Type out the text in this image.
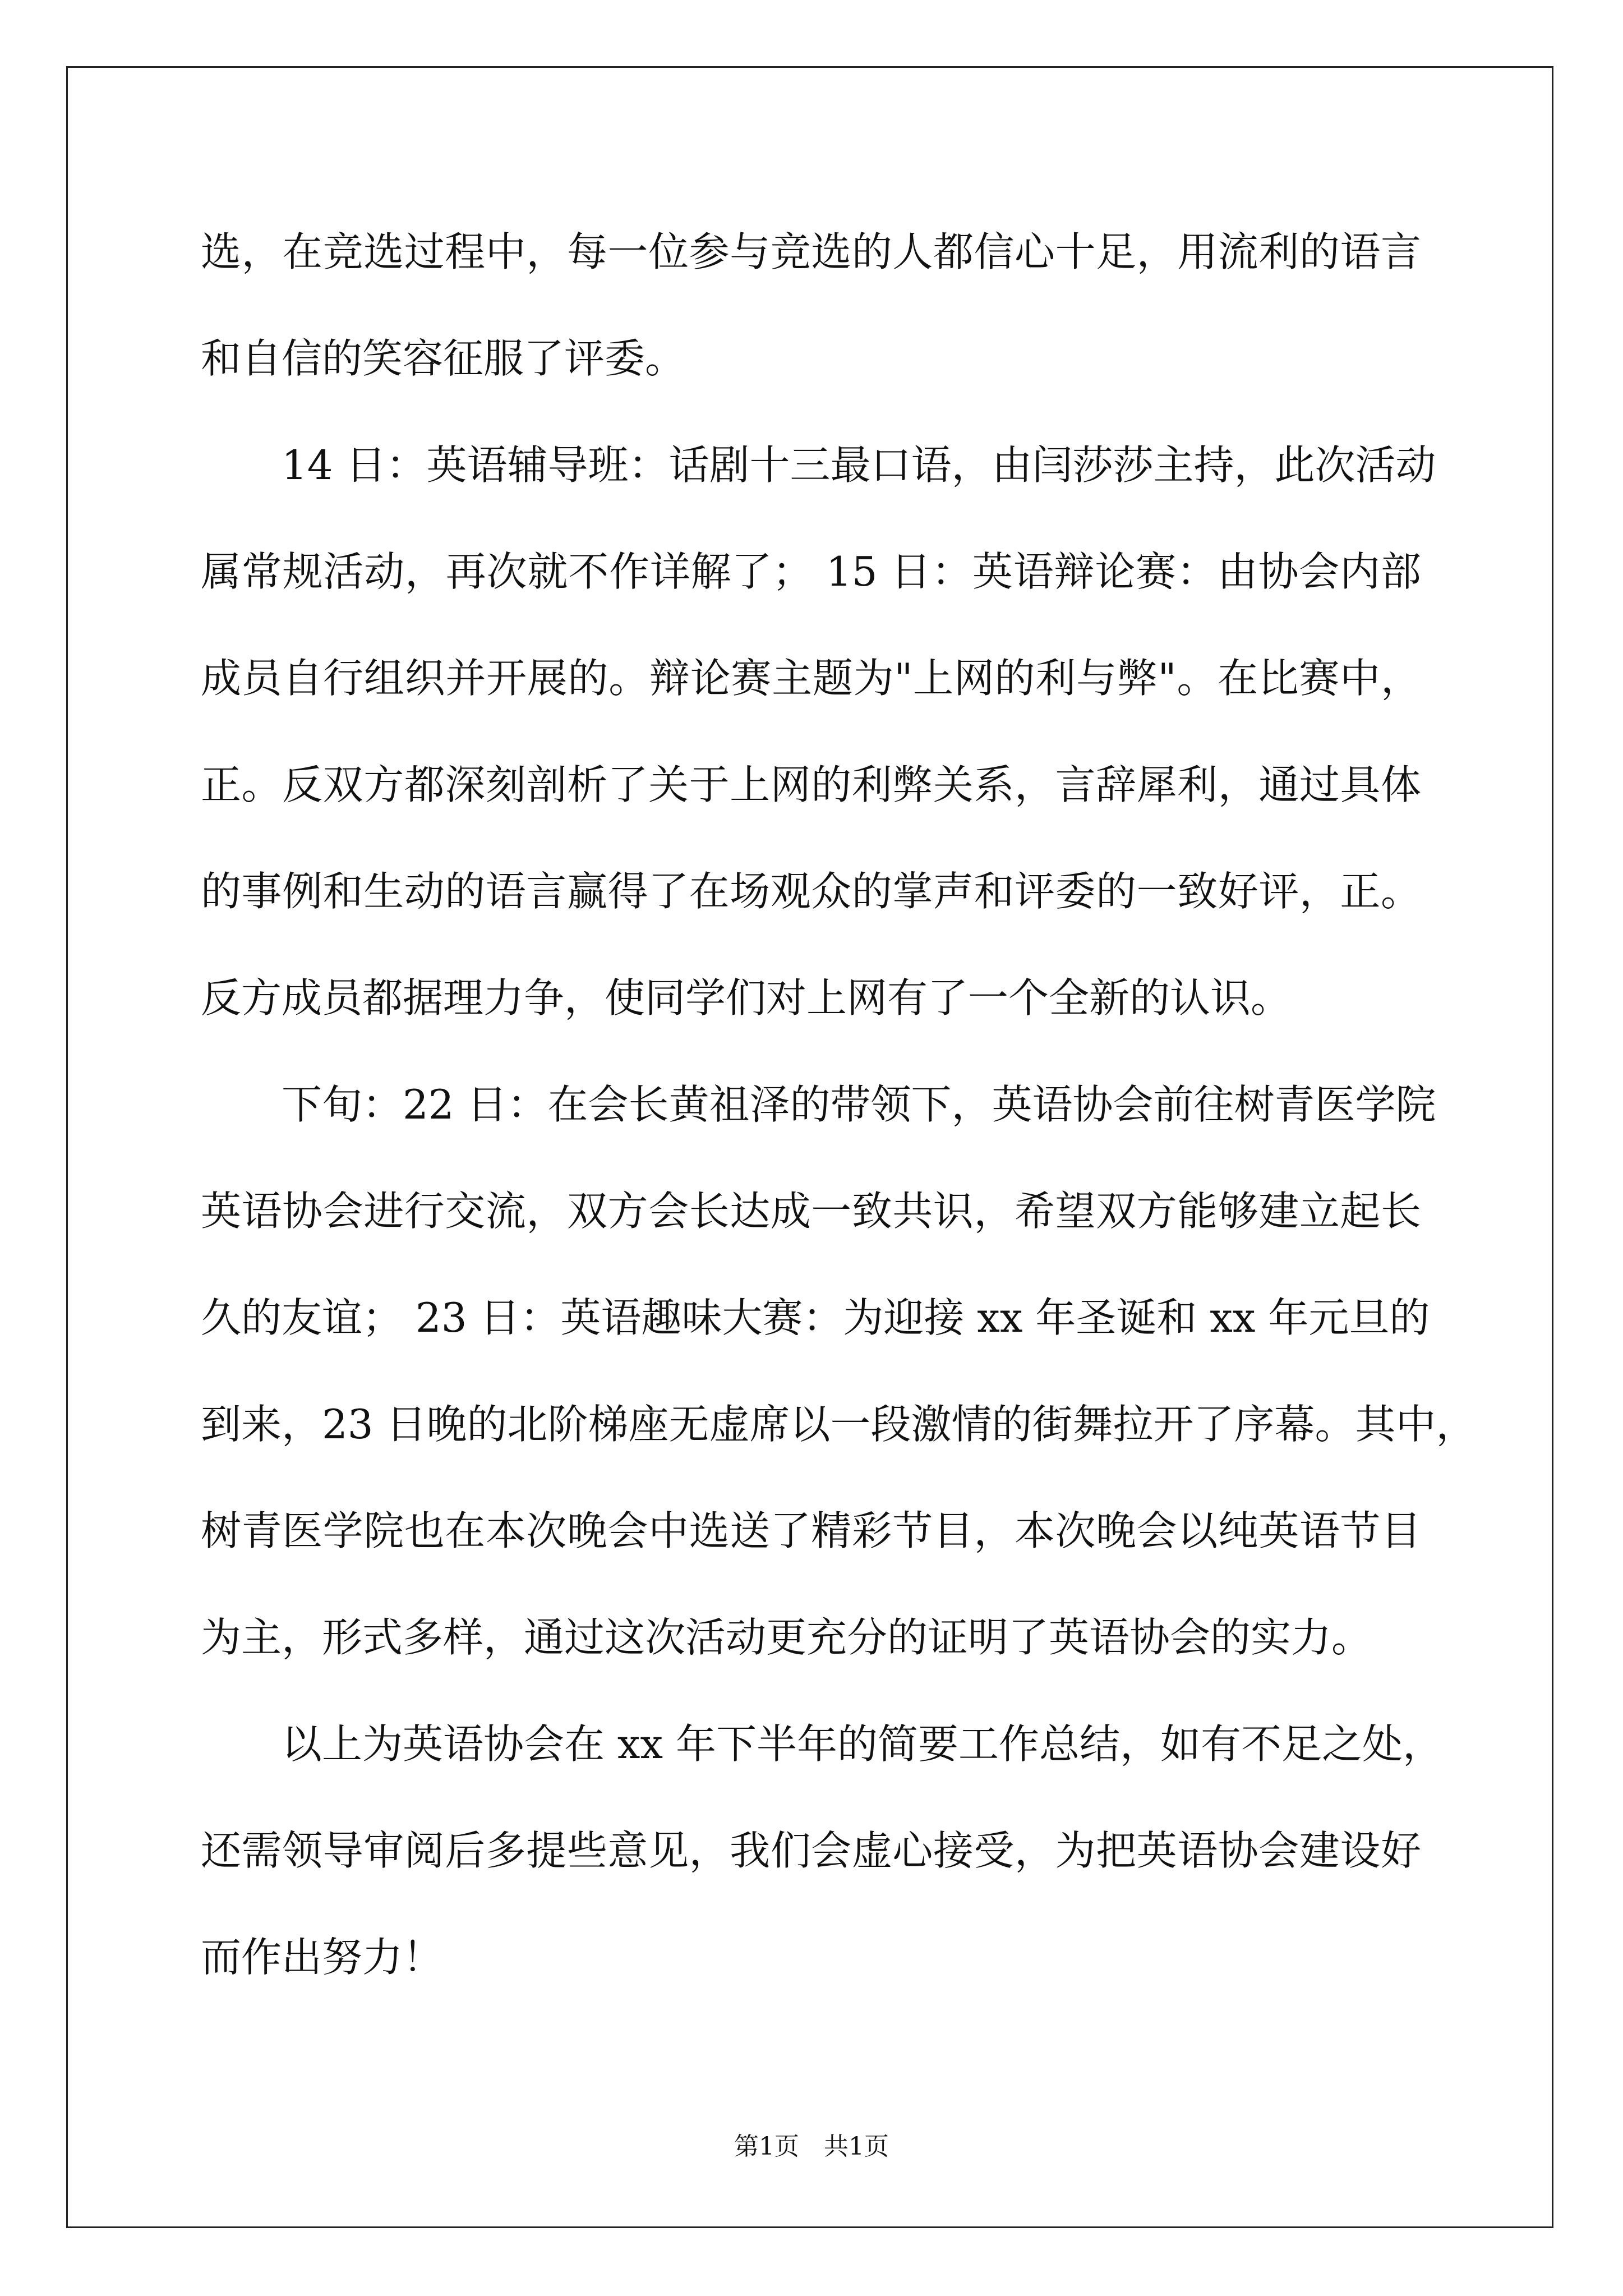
选，在竞选过程中，每一位参与竞选的人都信心十足，用流利的语言
和自信的笑容征服了评委。
14 日：英语辅导班：话剧十三最口语，由闫莎莎主持，此次活动
属常规活动，再次就不作详解了； 15 日：英语辩论赛：由协会内部
成员自行组织并开展的。辩论赛主题为"上网的利与弊"。在比赛中，
正。反双方都深刻剖析了关于上网的利弊关系，言辞犀利，通过具体
的事例和生动的语言赢得了在场观众的掌声和评委的一致好评，正。
反方成员都据理力争，使同学们对上网有了一个全新的认识。
下旬：22 日：在会长黄祖泽的带领下，英语协会前往树青医学院
英语协会进行交流，双方会长达成一致共识，希望双方能够建立起长
久的友谊； 23 日：英语趣味大赛：为迎接 xx 年圣诞和 xx 年元旦的
到来，23 日晚的北阶梯座无虚席以一段激情的街舞拉开了序幕。其中，
树青医学院也在本次晚会中选送了精彩节目，本次晚会以纯英语节目
为主，形式多样，通过这次活动更充分的证明了英语协会的实力。
以上为英语协会在 xx 年下半年的简要工作总结，如有不足之处，
还需领导审阅后多提些意见，我们会虚心接受，为把英语协会建设好
而作出努力！
第1页　共1页
